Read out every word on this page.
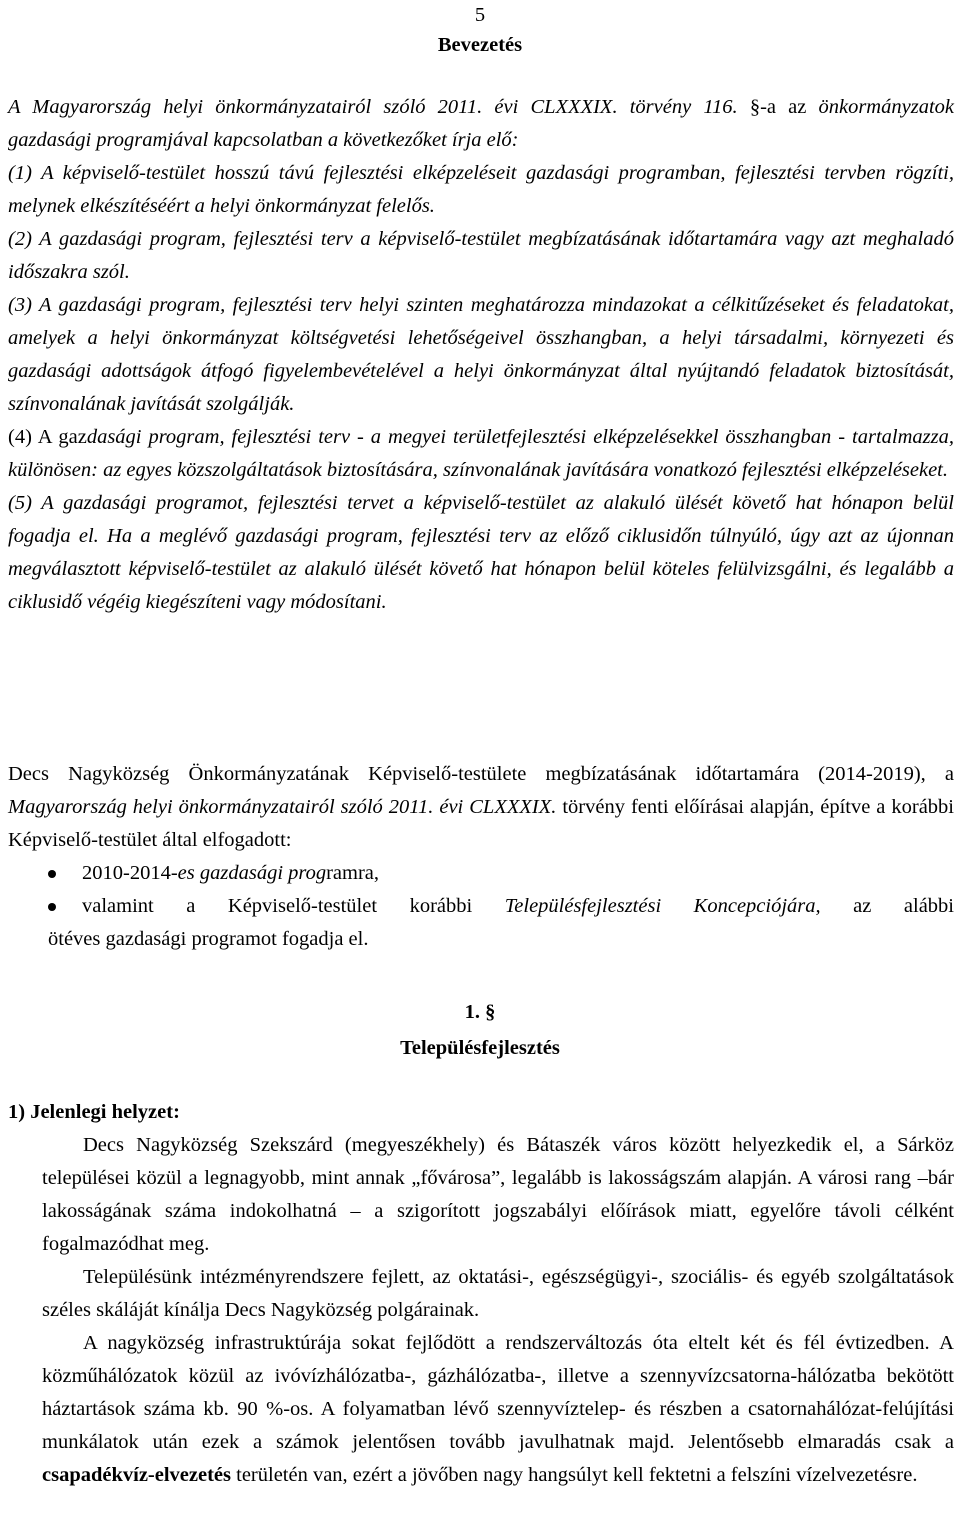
5
Bevezetés
A Magyarország helyi önkormányzatairól szóló 2011. évi CLXXXIX. törvény 116. §-a az önkormányzatok gazdasági programjával kapcsolatban a következőket írja elő:
(1) A képviselő-testület hosszú távú fejlesztési elképzeléseit gazdasági programban, fejlesztési tervben rögzíti, melynek elkészítéséért a helyi önkormányzat felelős.
(2) A gazdasági program, fejlesztési terv a képviselő-testület megbízatásának időtartamára vagy azt meghaladó időszakra szól.
(3) A gazdasági program, fejlesztési terv helyi szinten meghatározza mindazokat a célkitűzéseket és feladatokat, amelyek a helyi önkormányzat költségvetési lehetőségeivel összhangban, a helyi társadalmi, környezeti és gazdasági adottságok átfogó figyelembevételével a helyi önkormányzat által nyújtandó feladatok biztosítását, színvonalának javítását szolgálják.
(4) A gazdasági program, fejlesztési terv - a megyei területfejlesztési elképzelésekkel összhangban - tartalmazza, különösen: az egyes közszolgáltatások biztosítására, színvonalának javítására vonatkozó fejlesztési elképzeléseket.
(5) A gazdasági programot, fejlesztési tervet a képviselő-testület az alakuló ülését követő hat hónapon belül fogadja el. Ha a meglévő gazdasági program, fejlesztési terv az előző ciklusidőn túlnyúló, úgy azt az újonnan megválasztott képviselő-testület az alakuló ülését követő hat hónapon belül köteles felülvizsgálni, és legalább a ciklusidő végéig kiegészíteni vagy módosítani.
Decs Nagyközség Önkormányzatának Képviselő-testülete megbízatásának időtartamára (2014-2019), a Magyarország helyi önkormányzatairól szóló 2011. évi CLXXXIX. törvény fenti előírásai alapján, építve a korábbi Képviselő-testület által elfogadott:
2010-2014-es gazdasági programra,
valamint a Képviselő-testület korábbi Településfejlesztési Koncepciójára, az alábbi
ötéves gazdasági programot fogadja el.
1. §
Településfejlesztés
1) Jelenlegi helyzet:

Decs Nagyközség Szekszárd (megyeszékhely) és Bátaszék város között helyezkedik el, a Sárköz települései közül a legnagyobb, mint annak „fővárosa”, legalább is lakosságszám alapján. A városi rang –bár lakosságának száma indokolhatná – a szigorított jogszabályi előírások miatt, egyelőre távoli célként fogalmazódhat meg.

Településünk intézményrendszere fejlett, az oktatási-, egészségügyi-, szociális- és egyéb szolgáltatások széles skáláját kínálja Decs Nagyközség polgárainak.

A nagyközség infrastruktúrája sokat fejlődött a rendszerváltozás óta eltelt két és fél évtizedben. A közműhálózatok közül az ivóvízhálózatba-, gázhálózatba-, illetve a szennyvízcsatorna-hálózatba bekötött háztartások száma kb. 90 %-os. A folyamatban lévő szennyvíztelep- és részben a csatornahálózat-felújítási munkálatok után ezek a számok jelentősen tovább javulhatnak majd. Jelentősebb elmaradás csak a csapadékvíz-elvezetés területén van, ezért a jövőben nagy hangsúlyt kell fektetni a felszíni vízelvezetésre.
